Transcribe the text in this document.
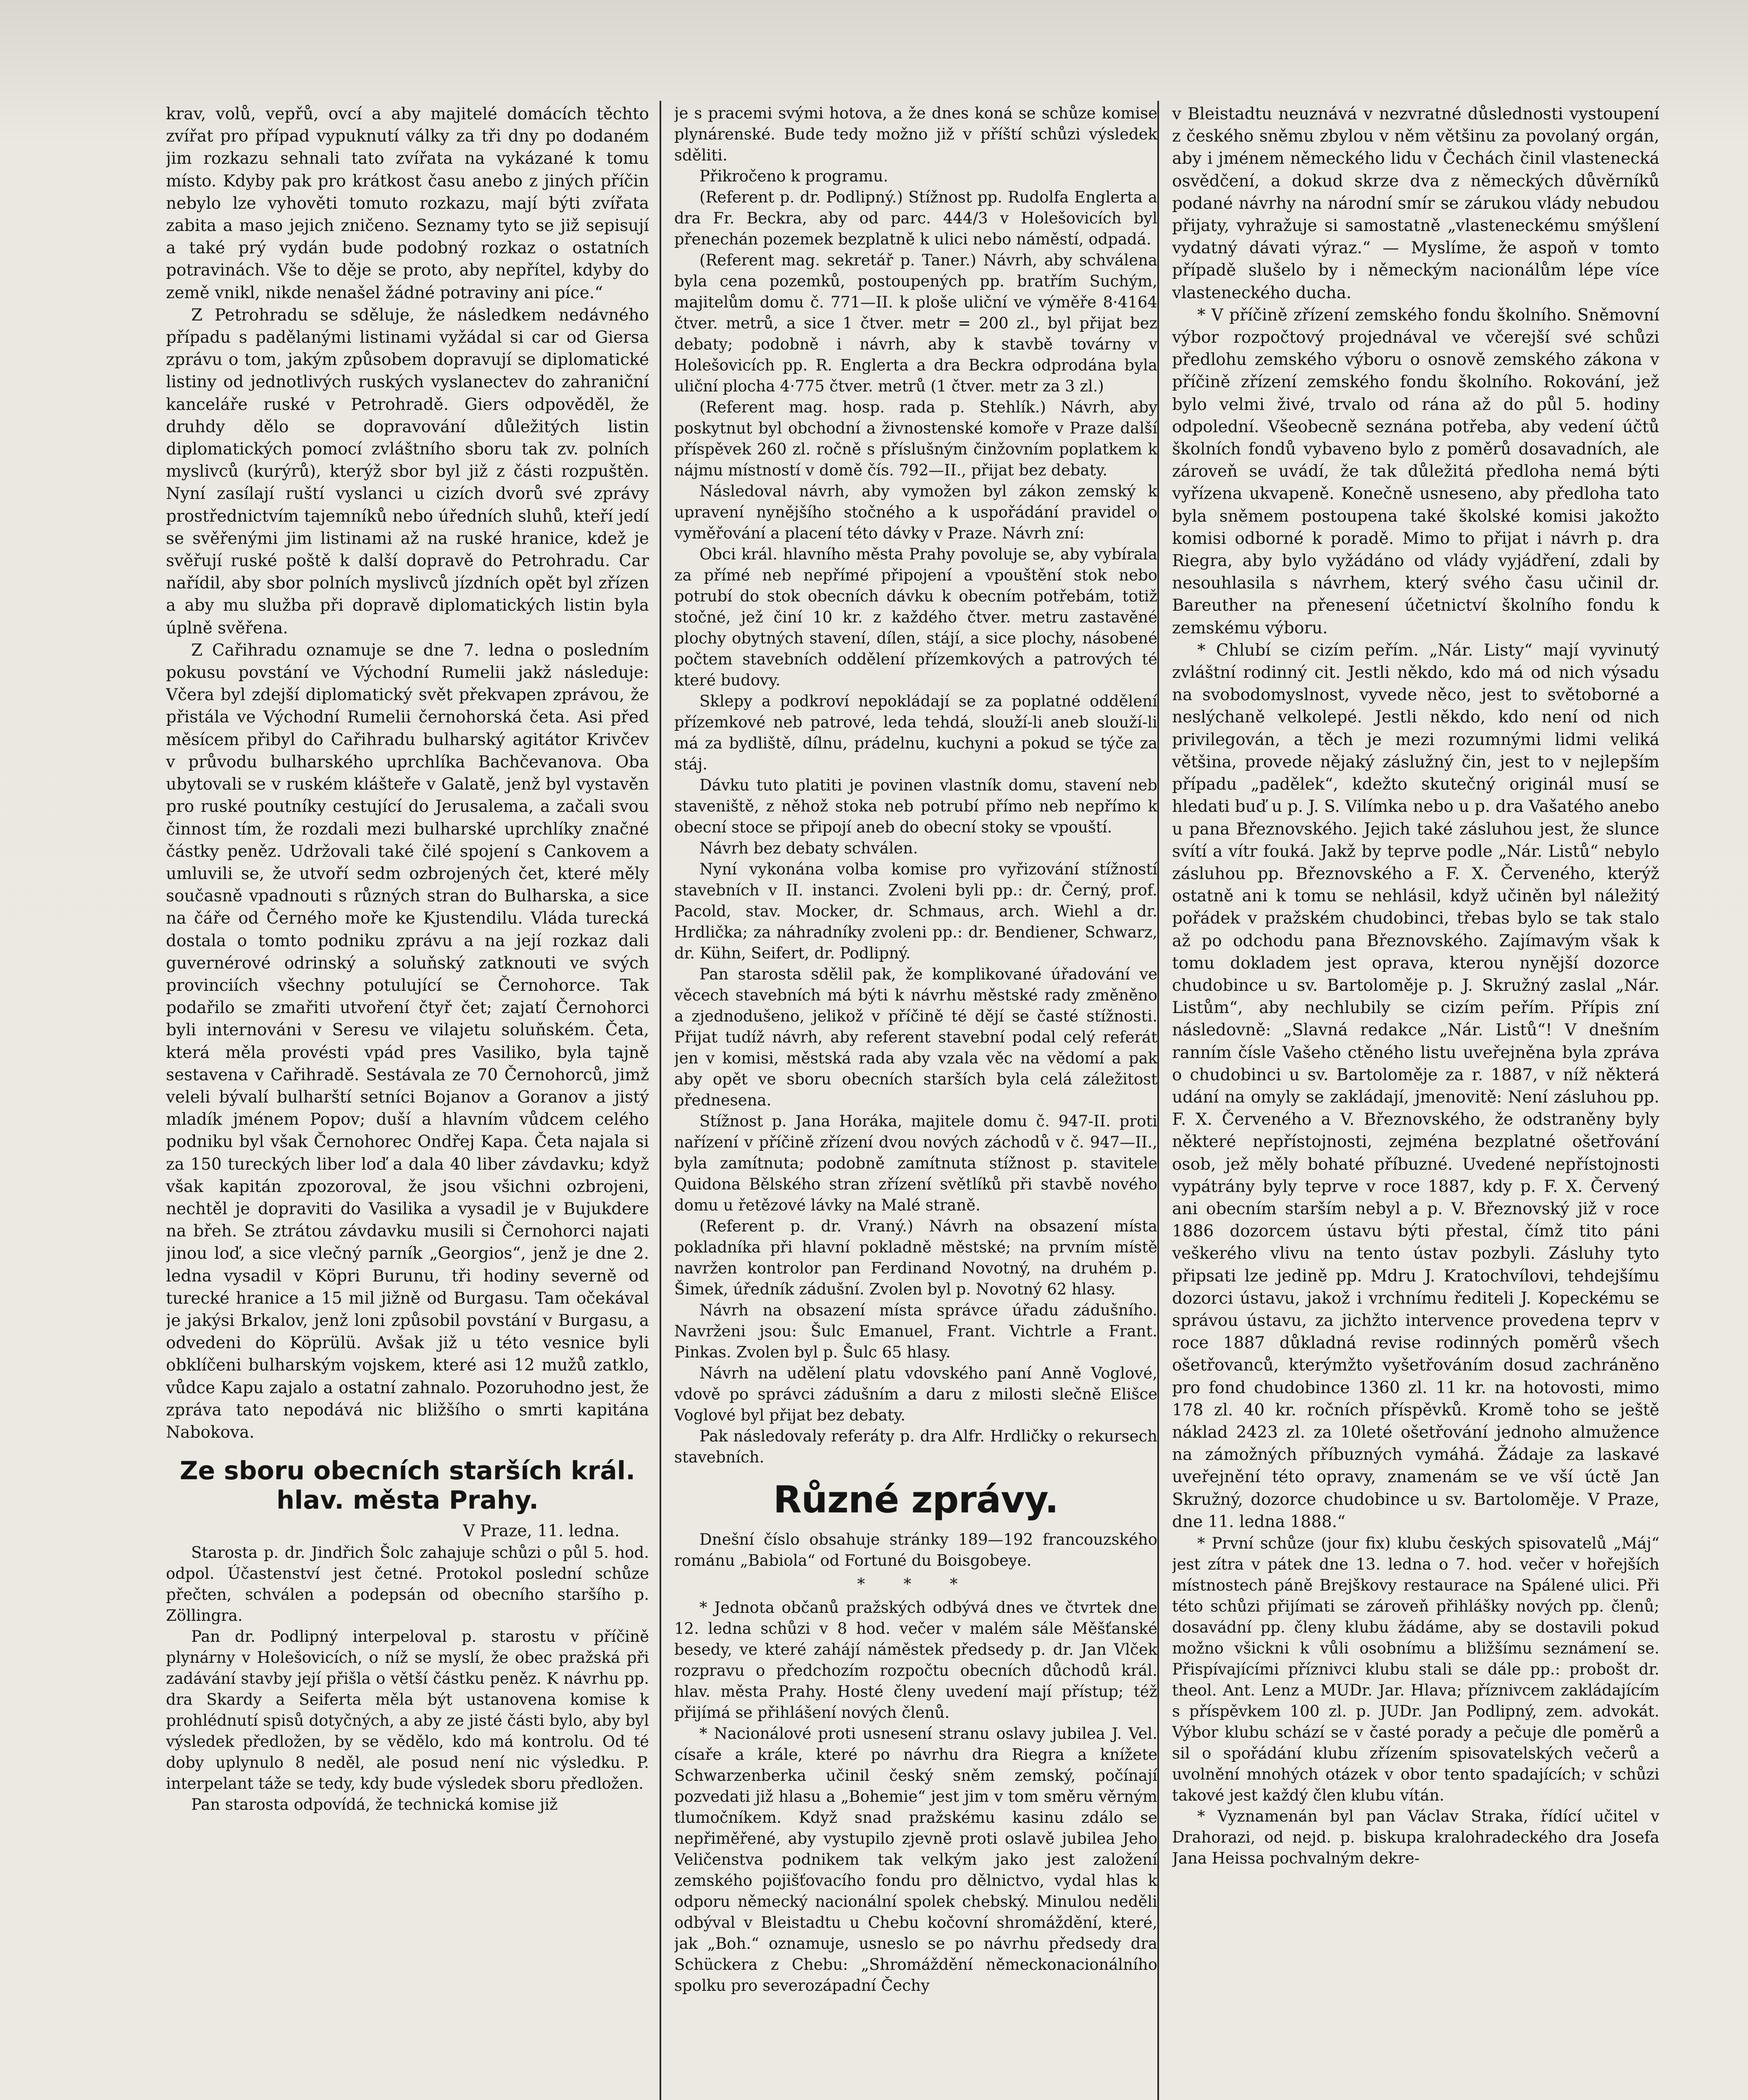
krav, volů, vepřů, ovcí a aby majitelé domácích těchto zvířat pro případ vypuknutí války za tři dny po dodaném jim rozkazu sehnali tato zvířata na vykázané k tomu místo. Kdyby pak pro krátkost času anebo z jiných příčin nebylo lze vyhověti tomuto rozkazu, mají býti zvířata zabita a maso jejich zničeno. Seznamy tyto se již sepisují a také prý vydán bude podobný rozkaz o ostatních potravinách. Vše to děje se proto, aby nepřítel, kdyby do země vnikl, nikde nenašel žádné potraviny ani píce.“

Z Petrohradu se sděluje, že následkem nedávného případu s padělanými listinami vyžádal si car od Giersa zprávu o tom, jakým způsobem dopravují se diplomatické listiny od jednotlivých ruských vyslanectev do zahraniční kanceláře ruské v Petrohradě. Giers odpověděl, že druhdy dělo se dopravování důležitých listin diplomatických pomocí zvláštního sboru tak zv. polních myslivců (kurýrů), kterýž sbor byl již z části rozpuštěn. Nyní zasílají ruští vyslanci u cizích dvorů své zprávy prostřednictvím tajemníků nebo úředních sluhů, kteří jedí se svěřenými jim listinami až na ruské hranice, kdež je svěřují ruské poště k další dopravě do Petrohradu. Car nařídil, aby sbor polních myslivců jízdních opět byl zřízen a aby mu služba při dopravě diplomatických listin byla úplně svěřena.

Z Cařihradu oznamuje se dne 7. ledna o posledním pokusu povstání ve Východní Rumelii jakž následuje: Včera byl zdejší diplomatický svět překvapen zprávou, že přistála ve Východní Rumelii černohorská četa. Asi před měsícem přibyl do Cařihradu bulharský agitátor Krivčev v průvodu bulharského uprchlíka Bachčevanova. Oba ubytovali se v ruském klášteře v Galatě, jenž byl vystavěn pro ruské poutníky cestující do Jerusalema, a začali svou činnost tím, že rozdali mezi bulharské uprchlíky značné částky peněz. Udržovali také čilé spojení s Cankovem a umluvili se, že utvoří sedm ozbrojených čet, které měly současně vpadnouti s různých stran do Bulharska, a sice na čáře od Černého moře ke Kjustendilu. Vláda turecká dostala o tomto podniku zprávu a na její rozkaz dali guvernérové odrinský a soluňský zatknouti ve svých provinciích všechny potulující se Černohorce. Tak podařilo se zmařiti utvoření čtyř čet; zajatí Černohorci byli internováni v Seresu ve vilajetu soluňském. Četa, která měla provésti vpád pres Vasiliko, byla tajně sestavena v Cařihradě. Sestávala ze 70 Černohorců, jimž veleli bývalí bulharští setníci Bojanov a Goranov a jistý mladík jménem Popov; duší a hlavním vůdcem celého podniku byl však Černohorec Ondřej Kapa. Četa najala si za 150 tureckých liber loď a dala 40 liber závdavku; když však kapitán zpozoroval, že jsou všichni ozbrojeni, nechtěl je dopraviti do Vasilika a vysadil je v Bujukdere na břeh. Se ztrátou závdavku musili si Černohorci najati jinou loď, a sice vlečný parník „Georgios“, jenž je dne 2. ledna vysadil v Köpri Burunu, tři hodiny severně od turecké hranice a 15 mil jižně od Burgasu. Tam očekával je jakýsi Brkalov, jenž loni způsobil povstání v Burgasu, a odvedeni do Köprülü. Avšak již u této vesnice byli obklíčeni bulharským vojskem, které asi 12 mužů zatklo, vůdce Kapu zajalo a ostatní zahnalo. Pozoruhodno jest, že zpráva tato nepodává nic bližšího o smrti kapitána Nabokova.

Ze sboru obecních starších král. hlav. města Prahy.

V Praze, 11. ledna.

Starosta p. dr. Jindřich Šolc zahajuje schůzi o půl 5. hod. odpol. Účastenství jest četné. Protokol poslední schůze přečten, schválen a podepsán od obecního staršího p. Zöllingra.

Pan dr. Podlipný interpeloval p. starostu v příčině plynárny v Holešovicích, o níž se myslí, že obec pražská při zadávání stavby její přišla o větší částku peněz. K návrhu pp. dra Skardy a Seiferta měla být ustanovena komise k prohlédnutí spisů dotyčných, a aby ze jisté části bylo, aby byl výsledek předložen, by se vědělo, kdo má kontrolu. Od té doby uplynulo 8 neděl, ale posud není nic výsledku. P. interpelant táže se tedy, kdy bude výsledek sboru předložen.

Pan starosta odpovídá, že technická komise již

je s pracemi svými hotova, a že dnes koná se schůze komise plynárenské. Bude tedy možno již v příští schůzi výsledek sděliti.

Přikročeno k programu.

(Referent p. dr. Podlipný.) Stížnost pp. Rudolfa Englerta a dra Fr. Beckra, aby od parc. 444/3 v Holešovicích byl přenechán pozemek bezplatně k ulici nebo náměstí, odpadá.

(Referent mag. sekretář p. Taner.) Návrh, aby schválena byla cena pozemků, postoupených pp. bratřím Suchým, majitelům domu č. 771—II. k ploše uliční ve výměře 8·4164 čtver. metrů, a sice 1 čtver. metr = 200 zl., byl přijat bez debaty; podobně i návrh, aby k stavbě továrny v Holešovicích pp. R. Englerta a dra Beckra odprodána byla uliční plocha 4·775 čtver. metrů (1 čtver. metr za 3 zl.)

(Referent mag. hosp. rada p. Stehlík.) Návrh, aby poskytnut byl obchodní a živnostenské komoře v Praze další příspěvek 260 zl. ročně s příslušným činžovním poplatkem k nájmu místností v domě čís. 792—II., přijat bez debaty.

Následoval návrh, aby vymožen byl zákon zemský k upravení nynějšího stočného a k uspořádání pravidel o vyměřování a placení této dávky v Praze. Návrh zní:

Obci král. hlavního města Prahy povoluje se, aby vybírala za přímé neb nepřímé připojení a vpouštění stok nebo potrubí do stok obecních dávku k obecním potřebám, totiž stočné, jež činí 10 kr. z každého čtver. metru zastavěné plochy obytných stavení, dílen, stájí, a sice plochy, násobené počtem stavebních oddělení přízemkových a patrových té které budovy.

Sklepy a podkroví nepokládají se za poplatné oddělení přízemkové neb patrové, leda tehdá, slouží-li aneb slouží-li má za bydliště, dílnu, prádelnu, kuchyni a pokud se týče za stáj.

Dávku tuto platiti je povinen vlastník domu, stavení neb staveniště, z něhož stoka neb potrubí přímo neb nepřímo k obecní stoce se připojí aneb do obecní stoky se vpouští.

Návrh bez debaty schválen.

Nyní vykonána volba komise pro vyřizování stížností stavebních v II. instanci. Zvoleni byli pp.: dr. Černý, prof. Pacold, stav. Mocker, dr. Schmaus, arch. Wiehl a dr. Hrdlička; za náhradníky zvoleni pp.: dr. Bendiener, Schwarz, dr. Kühn, Seifert, dr. Podlipný.

Pan starosta sdělil pak, že komplikované úřadování ve věcech stavebních má býti k návrhu městské rady změněno a zjednodušeno, jelikož v příčině té dějí se časté stížnosti. Přijat tudíž návrh, aby referent stavební podal celý referát jen v komisi, městská rada aby vzala věc na vědomí a pak aby opět ve sboru obecních starších byla celá záležitost přednesena.

Stížnost p. Jana Horáka, majitele domu č. 947-II. proti nařízení v příčině zřízení dvou nových záchodů v č. 947—II., byla zamítnuta; podobně zamítnuta stížnost p. stavitele Quidona Bělského stran zřízení světlíků při stavbě nového domu u řetězové lávky na Malé straně.

(Referent p. dr. Vraný.) Návrh na obsazení místa pokladníka při hlavní pokladně městské; na prvním místě navržen kontrolor pan Ferdinand Novotný, na druhém p. Šimek, úředník zádušní. Zvolen byl p. Novotný 62 hlasy.

Návrh na obsazení místa správce úřadu zádušního. Navrženi jsou: Šulc Emanuel, Frant. Vichtrle a Frant. Pinkas. Zvolen byl p. Šulc 65 hlasy.

Návrh na udělení platu vdovského paní Anně Voglové, vdově po správci zádušním a daru z milosti slečně Elišce Voglové byl přijat bez debaty.

Pak následovaly referáty p. dra Alfr. Hrdličky o rekursech stavebních.

Různé zprávy.

Dnešní číslo obsahuje stránky 189—192 francouzského románu „Babiola“ od Fortuné du Boisgobeye.

* * *

* Jednota občanů pražských odbývá dnes ve čtvrtek dne 12. ledna schůzi v 8 hod. večer v malém sále Měšťanské besedy, ve které zahájí náměstek předsedy p. dr. Jan Vlček rozpravu o předchozím rozpočtu obecních důchodů král. hlav. města Prahy. Hosté členy uvedení mají přístup; též přijímá se přihlášení nových členů.

* Nacionálové proti usnesení stranu oslavy jubilea J. Vel. císaře a krále, které po návrhu dra Riegra a knížete Schwarzenberka učinil český sněm zemský, počínají pozvedati již hlasu a „Bohemie“ jest jim v tom směru věrným tlumočníkem. Když snad pražskému kasinu zdálo se nepřiměřené, aby vystupilo zjevně proti oslavě jubilea Jeho Veličenstva podnikem tak velkým jako jest založení zemského pojišťovacího fondu pro dělnictvo, vydal hlas k odporu německý nacionální spolek chebský. Minulou neděli odbýval v Bleistadtu u Chebu kočovní shromáždění, které, jak „Boh.“ oznamuje, usneslo se po návrhu předsedy dra Schückera z Chebu: „Shromáždění německonacionálního spolku pro severozápadní Čechy

v Bleistadtu neuznává v nezvratné důslednosti vystoupení z českého sněmu zbylou v něm většinu za povolaný orgán, aby i jménem německého lidu v Čechách činil vlastenecká osvědčení, a dokud skrze dva z německých důvěrníků podané návrhy na národní smír se zárukou vlády nebudou přijaty, vyhražuje si samostatně „vlasteneckému smýšlení vydatný dávati výraz.“ — Myslíme, že aspoň v tomto případě slušelo by i německým nacionálům lépe více vlasteneckého ducha.

* V příčině zřízení zemského fondu školního. Sněmovní výbor rozpočtový projednával ve včerejší své schůzi předlohu zemského výboru o osnově zemského zákona v příčině zřízení zemského fondu školního. Rokování, jež bylo velmi živé, trvalo od rána až do půl 5. hodiny odpolední. Všeobecně seznána potřeba, aby vedení účtů školních fondů vybaveno bylo z poměrů dosavadních, ale zároveň se uvádí, že tak důležitá předloha nemá býti vyřízena ukvapeně. Konečně usneseno, aby předloha tato byla sněmem postoupena také školské komisi jakožto komisi odborné k poradě. Mimo to přijat i návrh p. dra Riegra, aby bylo vyžádáno od vlády vyjádření, zdali by nesouhlasila s návrhem, který svého času učinil dr. Bareuther na přenesení účetnictví školního fondu k zemskému výboru.

* Chlubí se cizím peřím. „Nár. Listy“ mají vyvinutý zvláštní rodinný cit. Jestli někdo, kdo má od nich výsadu na svobodomyslnost, vyvede něco, jest to světoborné a neslýchaně velkolepé. Jestli někdo, kdo není od nich privilegován, a těch je mezi rozumnými lidmi veliká většina, provede nějaký záslužný čin, jest to v nejlepším případu „padělek“, kdežto skutečný originál musí se hledati buď u p. J. S. Vilímka nebo u p. dra Vašatého anebo u pana Březnovského. Jejich také zásluhou jest, že slunce svítí a vítr fouká. Jakž by teprve podle „Nár. Listů“ nebylo zásluhou pp. Březnovského a F. X. Červeného, kterýž ostatně ani k tomu se nehlásil, když učiněn byl náležitý pořádek v pražském chudobinci, třebas bylo se tak stalo až po odchodu pana Březnovského. Zajímavým však k tomu dokladem jest oprava, kterou nynější dozorce chudobince u sv. Bartoloměje p. J. Skružný zaslal „Nár. Listům“, aby nechlubily se cizím peřím. Přípis zní následovně: „Slavná redakce „Nár. Listů“! V dnešním ranním čísle Vašeho ctěného listu uveřejněna byla zpráva o chudobinci u sv. Bartoloměje za r. 1887, v níž některá udání na omyly se zakládají, jmenovitě: Není zásluhou pp. F. X. Červeného a V. Březnovského, že odstraněny byly některé nepřístojnosti, zejména bezplatné ošetřování osob, jež měly bohaté příbuzné. Uvedené nepřístojnosti vypátrány byly teprve v roce 1887, kdy p. F. X. Červený ani obecním starším nebyl a p. V. Březnovský již v roce 1886 dozorcem ústavu býti přestal, čímž tito páni veškerého vlivu na tento ústav pozbyli. Zásluhy tyto připsati lze jedině pp. Mdru J. Kratochvílovi, tehdejšímu dozorci ústavu, jakož i vrchnímu řediteli J. Kopeckému se správou ústavu, za jichžto intervence provedena teprv v roce 1887 důkladná revise rodinných poměrů všech ošetřovanců, kterýmžto vyšetřováním dosud zachráněno pro fond chudobince 1360 zl. 11 kr. na hotovosti, mimo 178 zl. 40 kr. ročních příspěvků. Kromě toho se ještě náklad 2423 zl. za 10leté ošetřování jednoho almužence na zámožných příbuzných vymáhá. Žádaje za laskavé uveřejnění této opravy, znamenám se ve vší úctě Jan Skružný, dozorce chudobince u sv. Bartoloměje. V Praze, dne 11. ledna 1888.“

* První schůze (jour fix) klubu českých spisovatelů „Máj“ jest zítra v pátek dne 13. ledna o 7. hod. večer v hořejších místnostech páně Brejškovy restaurace na Spálené ulici. Při této schůzi přijímati se zároveň přihlášky nových pp. členů; dosavádní pp. členy klubu žádáme, aby se dostavili pokud možno všickni k vůli osobnímu a bližšímu seznámení se. Přispívajícími příznivci klubu stali se dále pp.: probošt dr. theol. Ant. Lenz a MUDr. Jar. Hlava; příznivcem zakládajícím s příspěvkem 100 zl. p. JUDr. Jan Podlipný, zem. advokát. Výbor klubu schází se v časté porady a pečuje dle poměrů a sil o spořádání klubu zřízením spisovatelských večerů a uvolnění mnohých otázek v obor tento spadajících; v schůzi takové jest každý člen klubu vítán.

* Vyznamenán byl pan Václav Straka, řídící učitel v Drahorazi, od nejd. p. biskupa kralohradeckého dra Josefa Jana Heissa pochvalným dekre-
